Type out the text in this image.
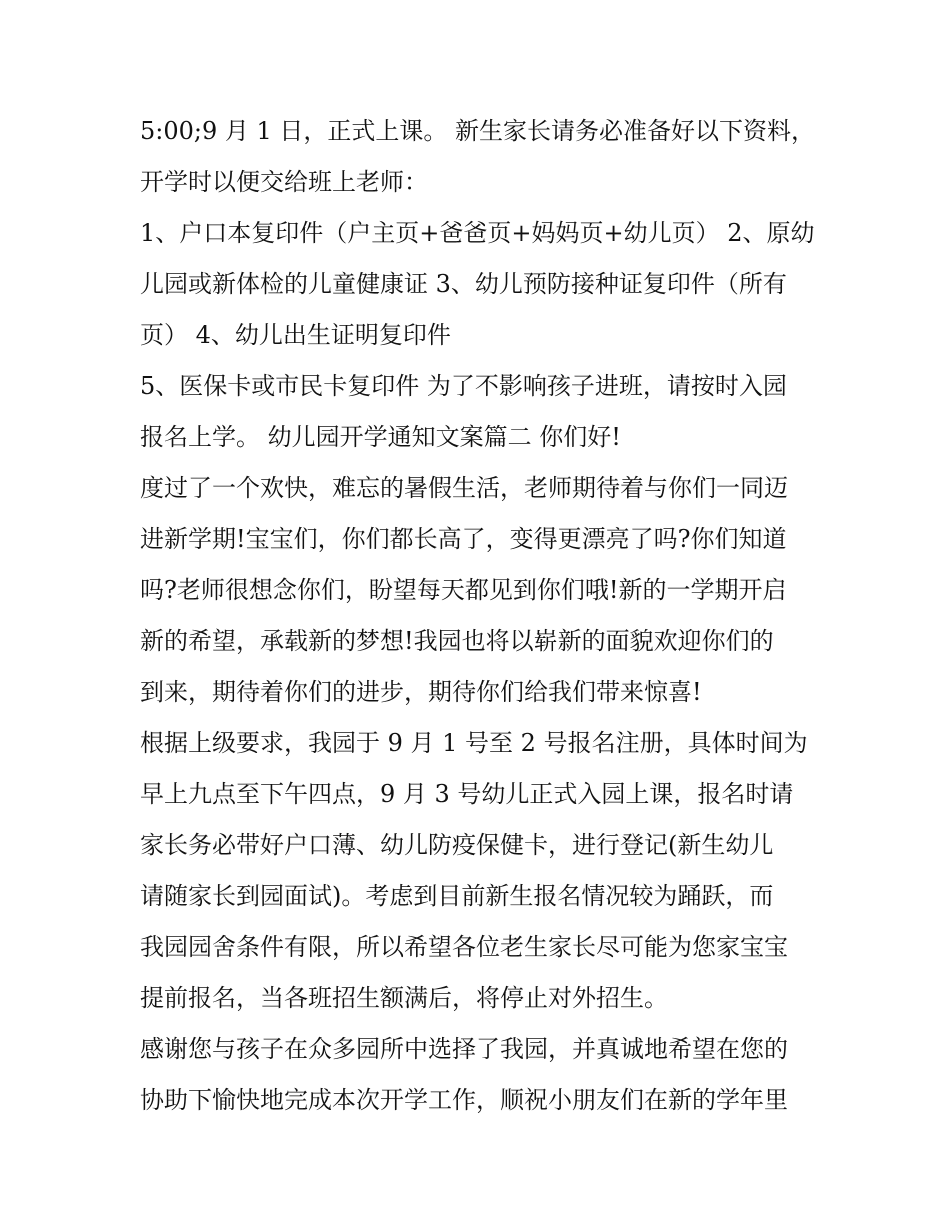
5:00;9 月 1 日，正式上课。 新生家长请务必准备好以下资料，
开学时以便交给班上老师：
1、户口本复印件（户主页+爸爸页+妈妈页+幼儿页） 2、原幼
儿园或新体检的儿童健康证 3、幼儿预防接种证复印件（所有
页） 4、幼儿出生证明复印件
5、医保卡或市民卡复印件 为了不影响孩子进班，请按时入园
报名上学。 幼儿园开学通知文案篇二 你们好!
度过了一个欢快，难忘的暑假生活，老师期待着与你们一同迈
进新学期!宝宝们，你们都长高了，变得更漂亮了吗?你们知道
吗?老师很想念你们，盼望每天都见到你们哦!新的一学期开启
新的希望，承载新的梦想!我园也将以崭新的面貌欢迎你们的
到来，期待着你们的进步，期待你们给我们带来惊喜!
根据上级要求，我园于 9 月 1 号至 2 号报名注册，具体时间为
早上九点至下午四点，9 月 3 号幼儿正式入园上课，报名时请
家长务必带好户口薄、幼儿防疫保健卡，进行登记(新生幼儿
请随家长到园面试)。考虑到目前新生报名情况较为踊跃，而
我园园舍条件有限，所以希望各位老生家长尽可能为您家宝宝
提前报名，当各班招生额满后，将停止对外招生。
感谢您与孩子在众多园所中选择了我园，并真诚地希望在您的
协助下愉快地完成本次开学工作，顺祝小朋友们在新的学年里
